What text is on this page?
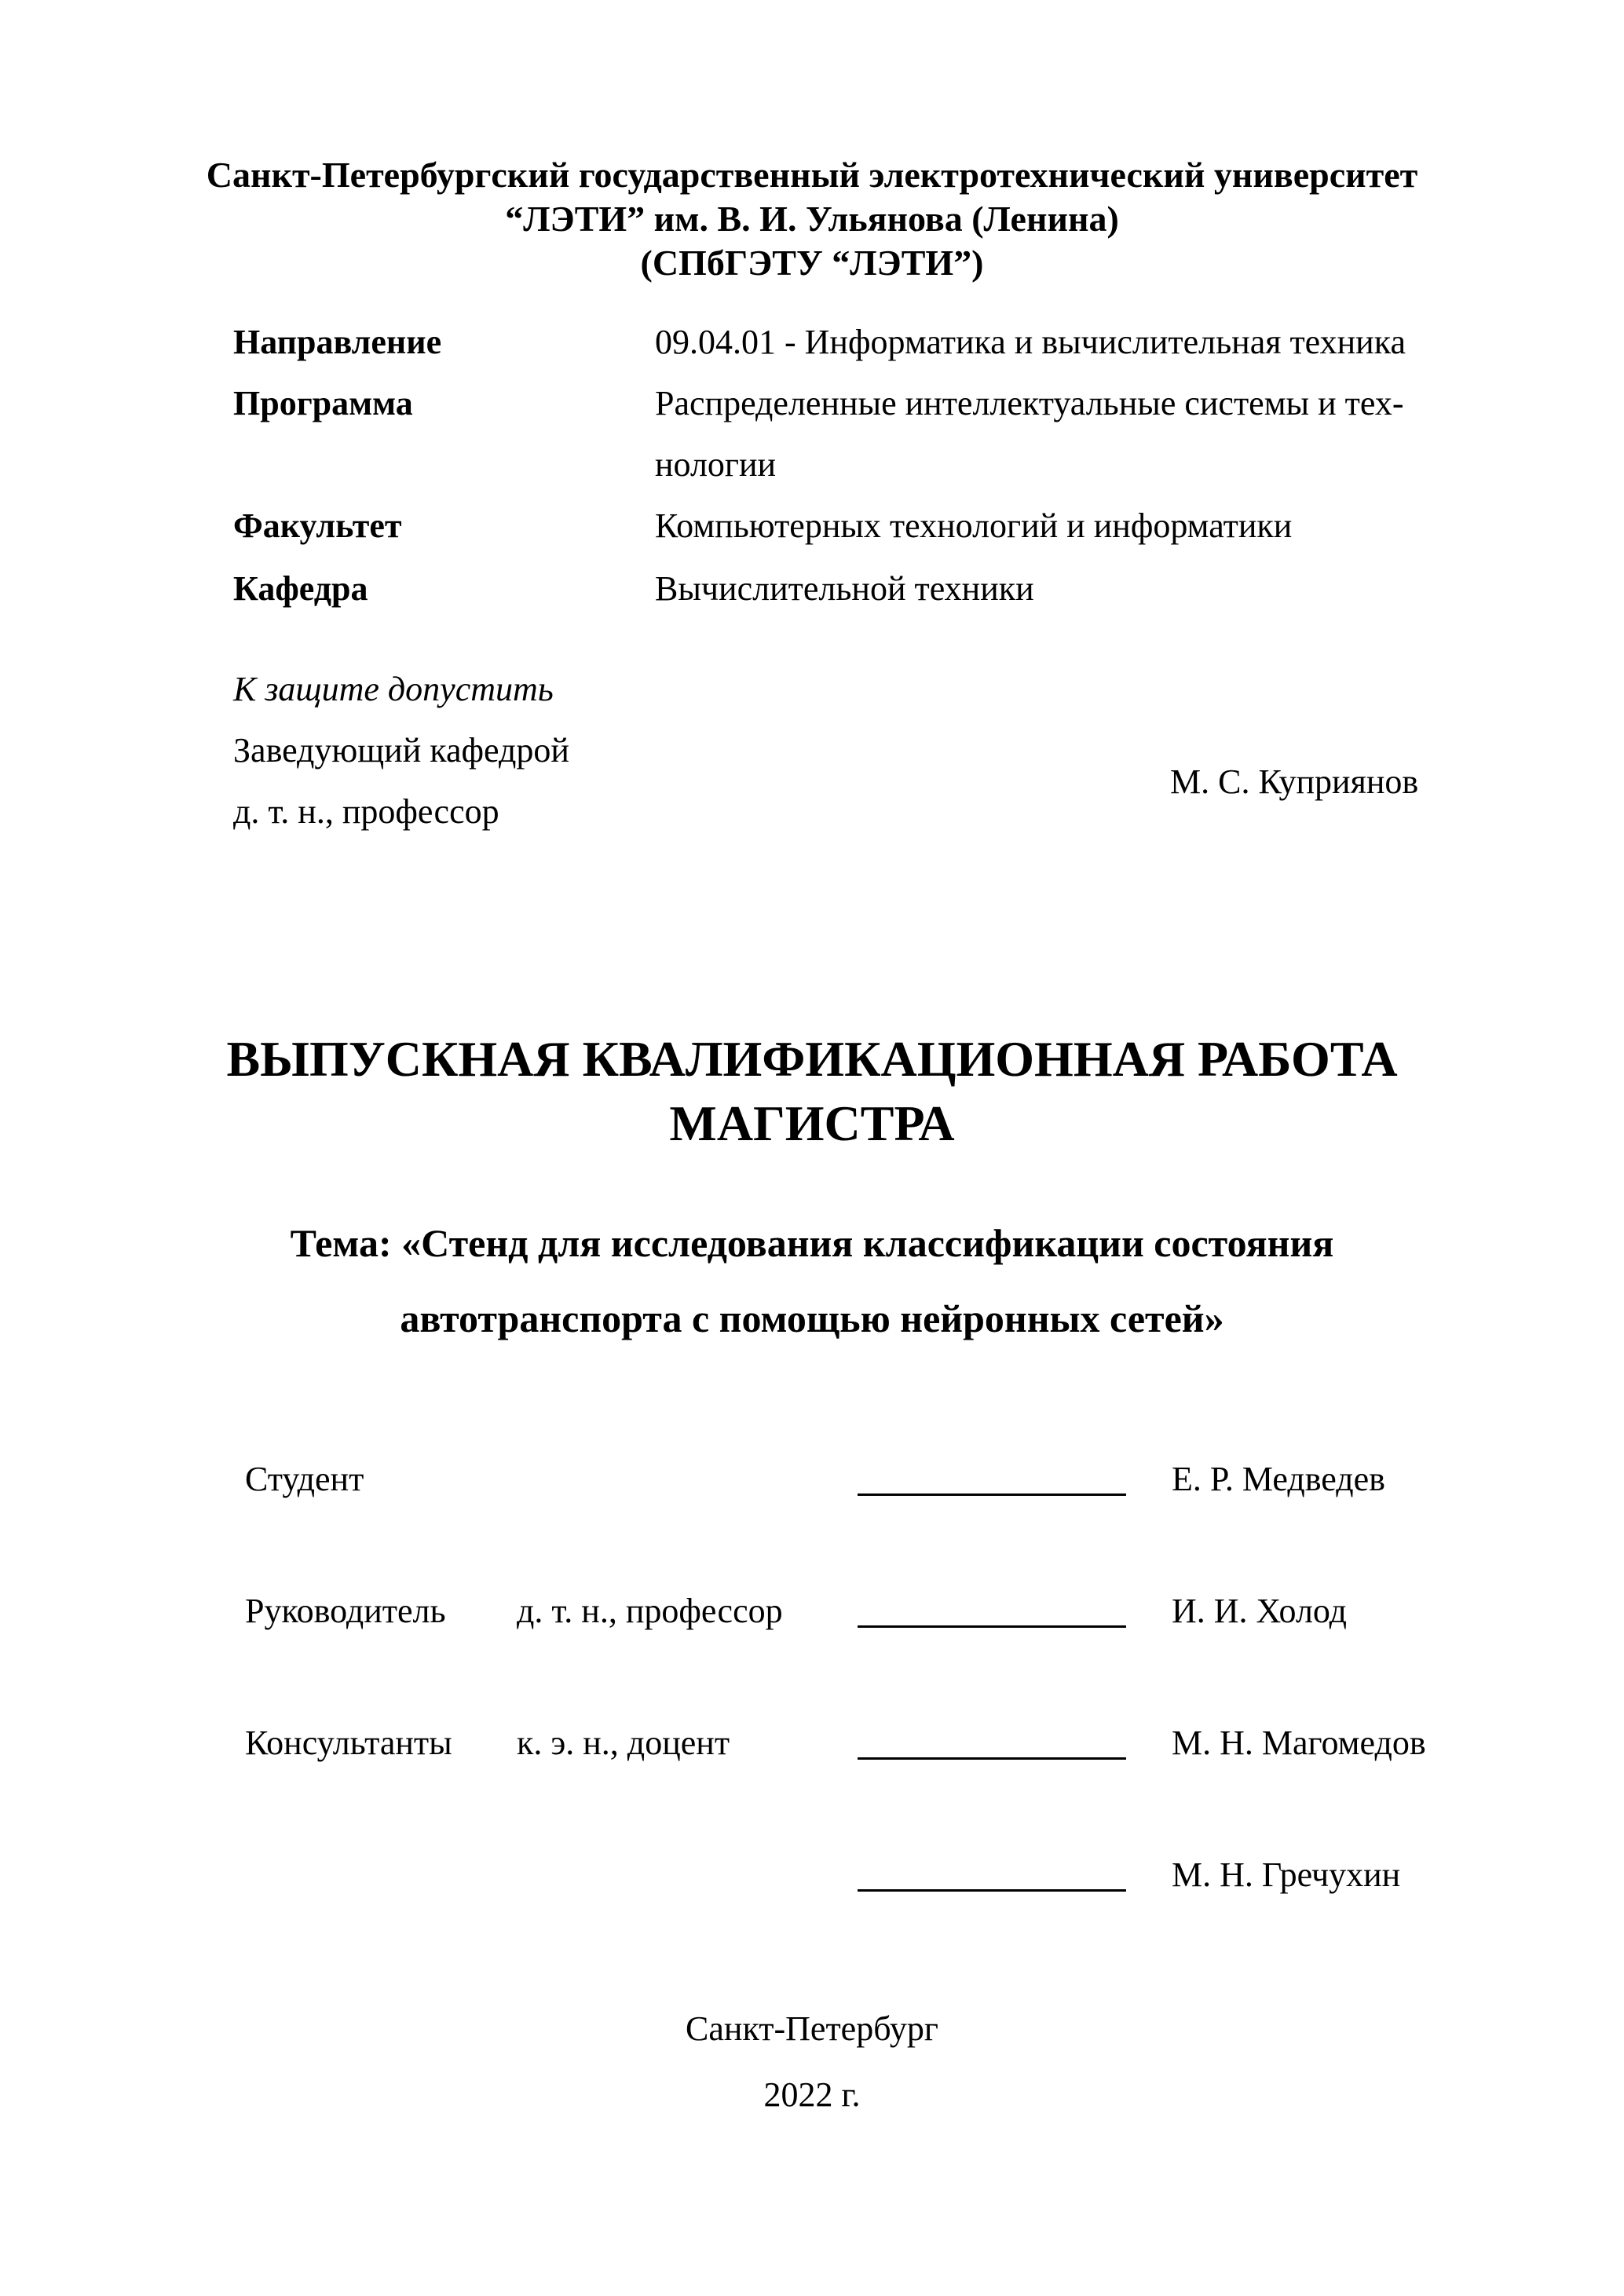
Санкт-Петербургский государственный электротехнический университет
“ЛЭТИ” им. В. И. Ульянова (Ленина)
(СПбГЭТУ “ЛЭТИ”)
Направление	09.04.01 - Информатика и вычислительная техника
Программа	Распределенные интеллектуальные системы и тех-
нологии
Факультет	Компьютерных технологий и информатики
Кафедра	Вычислительной техники
К защите допустить
Заведующий кафедрой
д. т. н., профессор
М. С. Куприянов
ВЫПУСКНАЯ КВАЛИФИКАЦИОННАЯ РАБОТА
МАГИСТРА
Тема: «Стенд для исследования классификации состояния
автотранспорта с помощью нейронных сетей»
Студент	Е. Р. Медведев
Руководитель д. т. н., профессор	И. И. Холод
Консультанты к. э. н., доцент	М. Н. Магомедов
М. Н. Гречухин
Санкт-Петербург
2022 г.
